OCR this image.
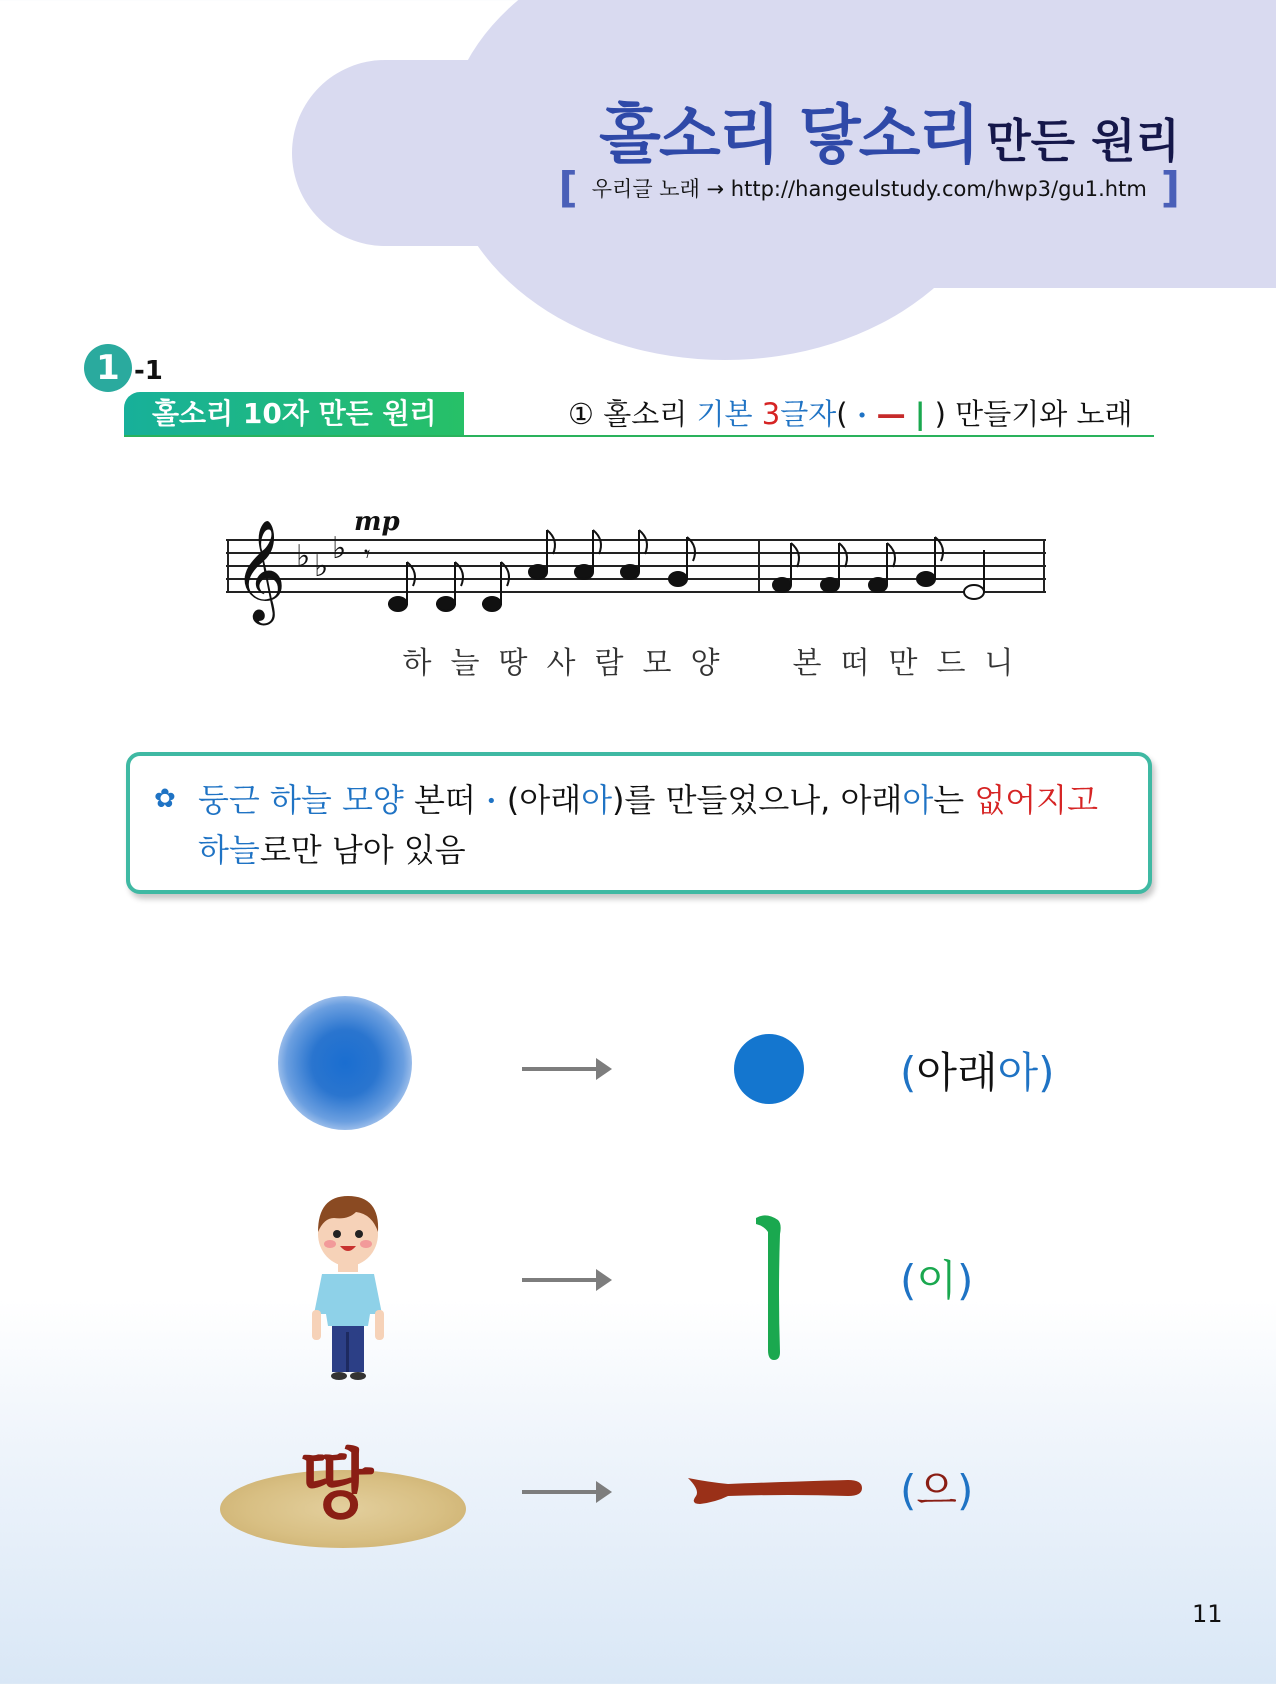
홀소리 닿소리 만든 원리
[ 우리글 노래 → http://hangeulstudy.com/hwp3/gu1.htm ]
1 -1
홀소리 10자 만든 원리	① 홀소리 기본 3글자( • — | ) 만들기와 노래
𝄞 ♭ ♭
♭
mp
𝄾
하 늘 땅 사 람 모 양 본 떠 만 드 니
✿ 둥근 하늘 모양 본떠 • (아래아)를 만들었으나, 아래아는 없어지고
하늘로만 남아 있음
(아래아)
(이)
땅	(으)
11
